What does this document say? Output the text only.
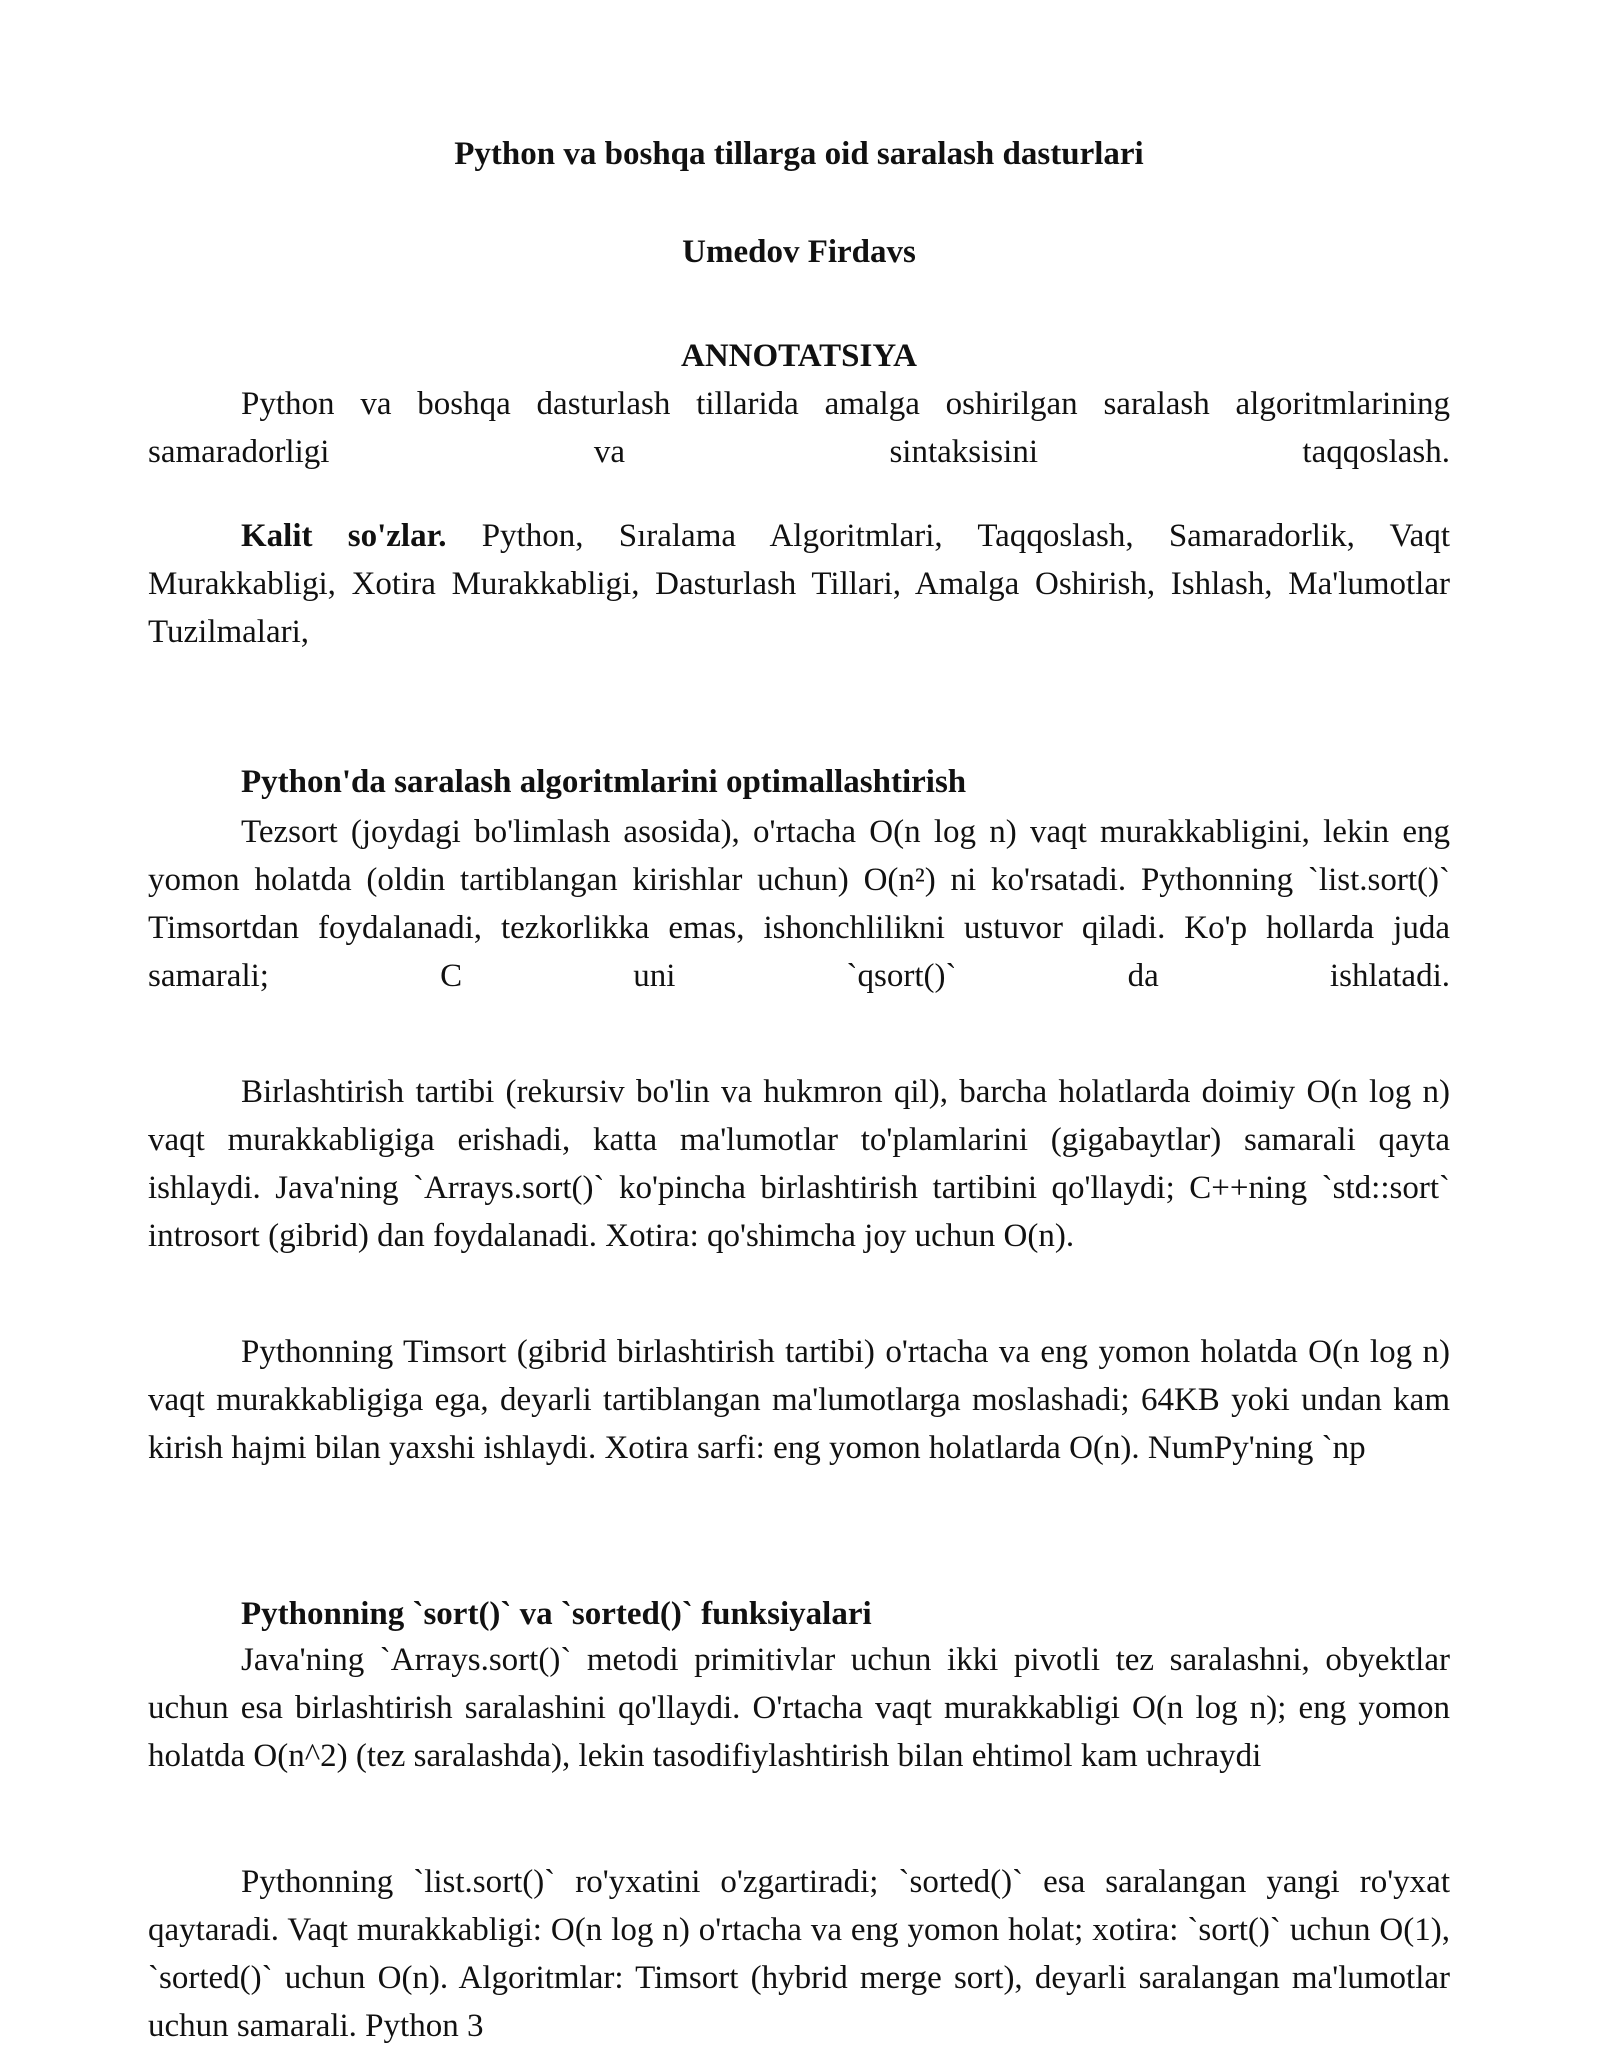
Python va boshqa tillarga oid saralash dasturlari
Umedov Firdavs
ANNOTATSIYA

Python va boshqa dasturlash tillarida amalga oshirilgan saralash algoritmlarining samaradorligi va sintaksisini taqqoslash.

Kalit so'zlar. Python, Sıralama Algoritmlari, Taqqoslash, Samaradorlik, Vaqt Murakkabligi, Xotira Murakkabligi, Dasturlash Tillari, Amalga Oshirish, Ishlash, Ma'lumotlar Tuzilmalari,

Python'da saralash algoritmlarini optimallashtirish

Tezsort (joydagi bo'limlash asosida), o'rtacha O(n log n) vaqt murakkabligini, lekin eng yomon holatda (oldin tartiblangan kirishlar uchun) O(n²) ni ko'rsatadi. Pythonning `list.sort()` Timsortdan foydalanadi, tezkorlikka emas, ishonchlilikni ustuvor qiladi. Ko'p hollarda juda samarali; C uni `qsort()` da ishlatadi.

Birlashtirish tartibi (rekursiv bo'lin va hukmron qil), barcha holatlarda doimiy O(n log n) vaqt murakkabligiga erishadi, katta ma'lumotlar to'plamlarini (gigabaytlar) samarali qayta ishlaydi. Java'ning `Arrays.sort()` ko'pincha birlashtirish tartibini qo'llaydi; C++ning `std::sort` introsort (gibrid) dan foydalanadi. Xotira: qo'shimcha joy uchun O(n).

Pythonning Timsort (gibrid birlashtirish tartibi) o'rtacha va eng yomon holatda O(n log n) vaqt murakkabligiga ega, deyarli tartiblangan ma'lumotlarga moslashadi; 64KB yoki undan kam kirish hajmi bilan yaxshi ishlaydi. Xotira sarfi: eng yomon holatlarda O(n). NumPy'ning `np

Pythonning `sort()` va `sorted()` funksiyalari

Java'ning `Arrays.sort()` metodi primitivlar uchun ikki pivotli tez saralashni, obyektlar uchun esa birlashtirish saralashini qo'llaydi. O'rtacha vaqt murakkabligi O(n log n); eng yomon holatda O(n^2) (tez saralashda), lekin tasodifiylashtirish bilan ehtimol kam uchraydi

Pythonning `list.sort()` ro'yxatini o'zgartiradi; `sorted()` esa saralangan yangi ro'yxat qaytaradi. Vaqt murakkabligi: O(n log n) o'rtacha va eng yomon holat; xotira: `sort()` uchun O(1), `sorted()` uchun O(n). Algoritmlar: Timsort (hybrid merge sort), deyarli saralangan ma'lumotlar uchun samarali. Python 3
